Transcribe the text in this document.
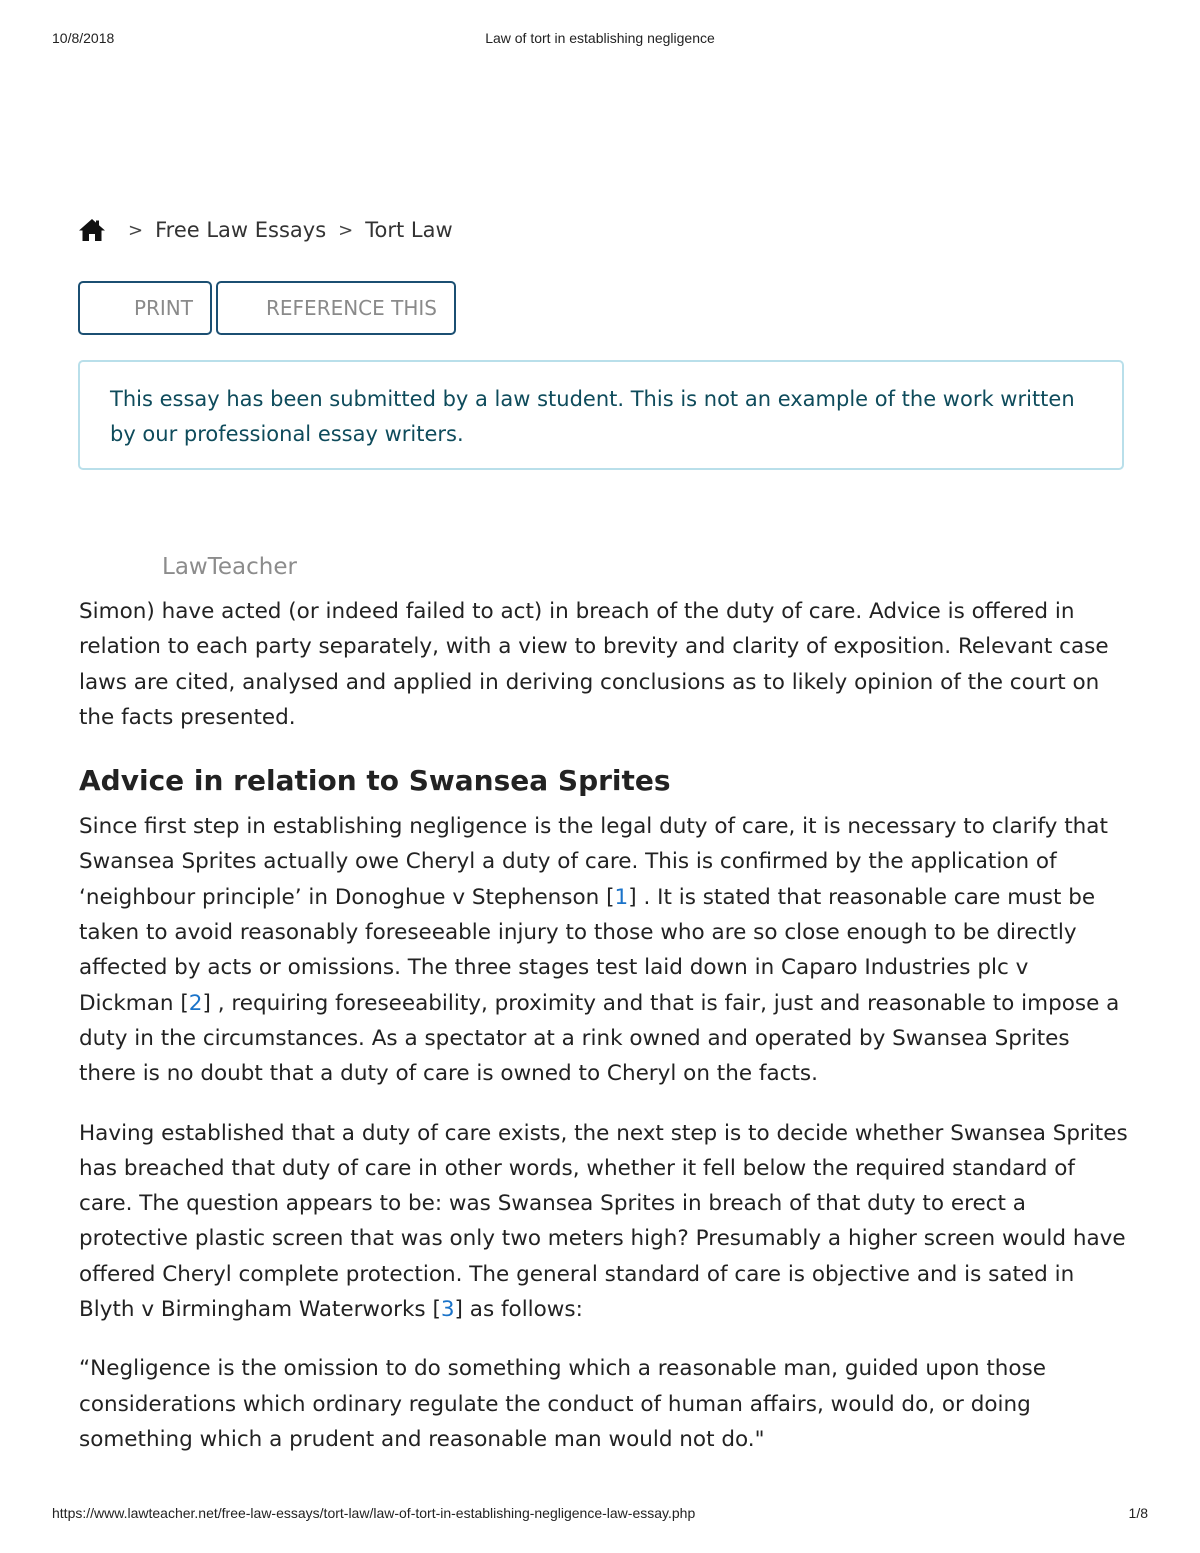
10/8/2018	Law of tort in establishing negligence
> Free Law Essays > Tort Law
PRINT	REFERENCE THIS
This essay has been submitted by a law student. This is not an example of the work written by our professional essay writers.
LawTeacher

Simon) have acted (or indeed failed to act) in breach of the duty of care. Advice is offered in relation to each party separately, with a view to brevity and clarity of exposition. Relevant case laws are cited, analysed and applied in deriving conclusions as to likely opinion of the court on the facts presented.

Advice in relation to Swansea Sprites

Since first step in establishing negligence is the legal duty of care, it is necessary to clarify that Swansea Sprites actually owe Cheryl a duty of care. This is confirmed by the application of ‘neighbour principle’ in Donoghue v Stephenson [1] . It is stated that reasonable care must be taken to avoid reasonably foreseeable injury to those who are so close enough to be directly affected by acts or omissions. The three stages test laid down in Caparo Industries plc v Dickman [2] , requiring foreseeability, proximity and that is fair, just and reasonable to impose a duty in the circumstances. As a spectator at a rink owned and operated by Swansea Sprites there is no doubt that a duty of care is owned to Cheryl on the facts.

Having established that a duty of care exists, the next step is to decide whether Swansea Sprites has breached that duty of care in other words, whether it fell below the required standard of care. The question appears to be: was Swansea Sprites in breach of that duty to erect a protective plastic screen that was only two meters high? Presumably a higher screen would have offered Cheryl complete protection. The general standard of care is objective and is sated in Blyth v Birmingham Waterworks [3] as follows:

“Negligence is the omission to do something which a reasonable man, guided upon those considerations which ordinary regulate the conduct of human affairs, would do, or doing something which a prudent and reasonable man would not do."

https://www.lawteacher.net/free-law-essays/tort-law/law-of-tort-in-establishing-negligence-law-essay.php	1/8
